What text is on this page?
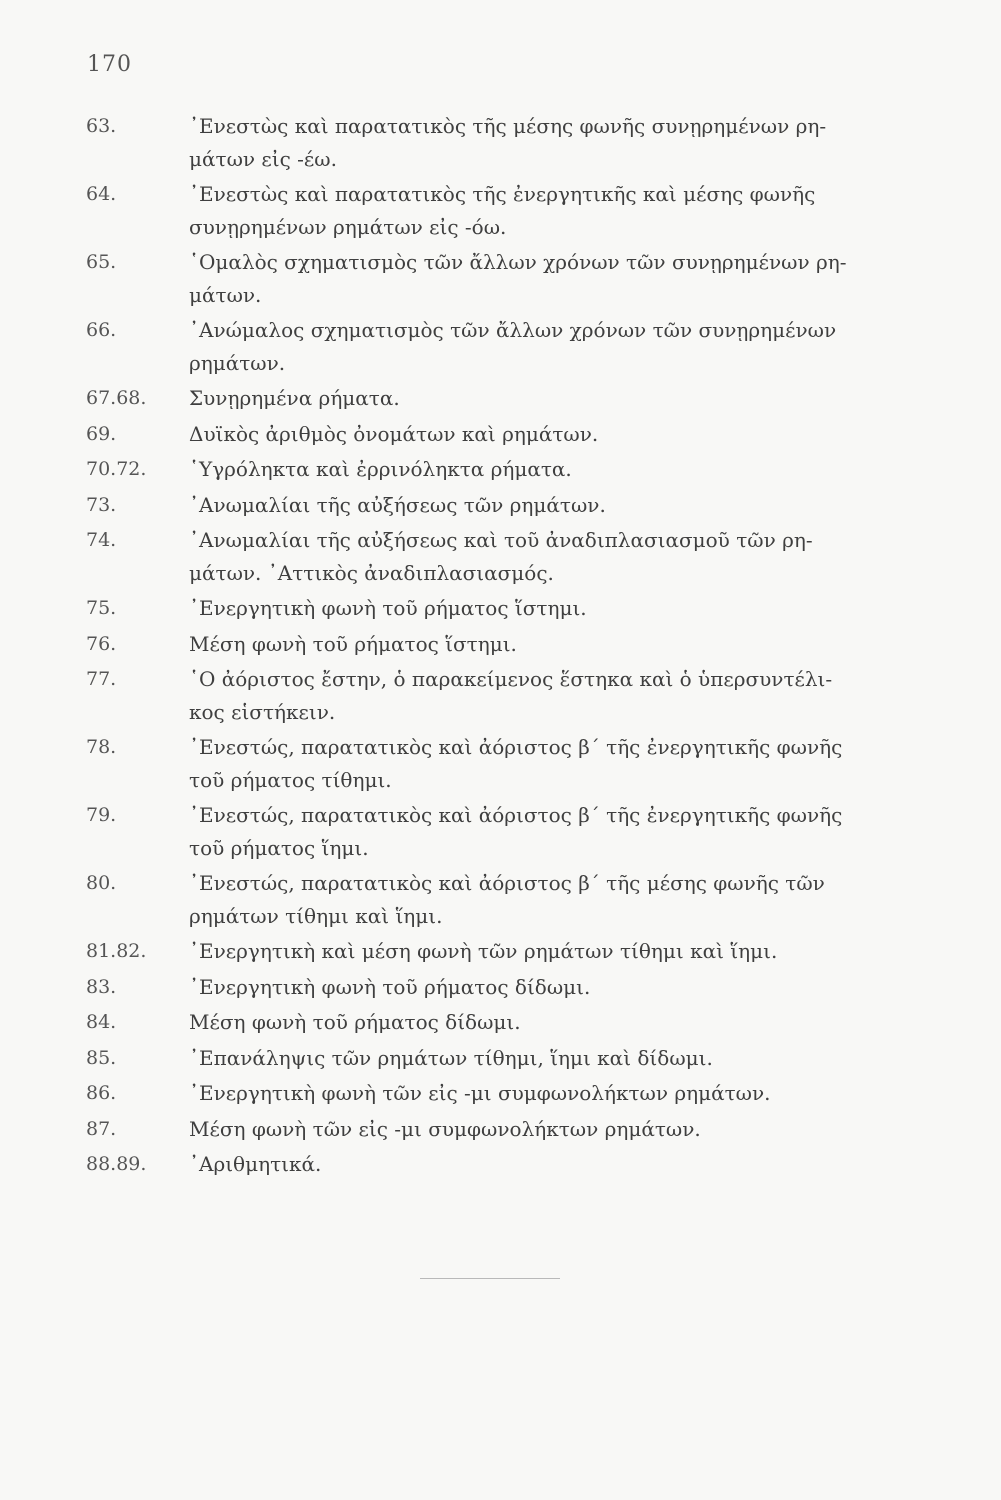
170
63.	᾿Ενεστὼς καὶ παρατατικὸς τῆς μέσης φωνῆς συνῃρημένων ρη-
μάτων εἰς -έω.
64.	᾿Ενεστὼς καὶ παρατατικὸς τῆς ἐνεργητικῆς καὶ μέσης φωνῆς
συνῃρημένων ρημάτων εἰς -όω.
65.	῾Ομαλὸς σχηματισμὸς τῶν ἄλλων χρόνων τῶν συνῃρημένων ρη-
μάτων.
66.	᾿Ανώμαλος σχηματισμὸς τῶν ἄλλων χρόνων τῶν συνῃρημένων
ρημάτων.
67.68.	Συνῃρημένα ρήματα.
69.	Δυϊκὸς ἀριθμὸς ὀνομάτων καὶ ρημάτων.
70.72.	῾Υγρόληκτα καὶ ἐρρινόληκτα ρήματα.
73.	᾿Ανωμαλίαι τῆς αὐξήσεως τῶν ρημάτων.
74.	᾿Ανωμαλίαι τῆς αὐξήσεως καὶ τοῦ ἀναδιπλασιασμοῦ τῶν ρη-
μάτων. ᾿Αττικὸς ἀναδιπλασιασμός.
75.	᾿Ενεργητικὴ φωνὴ τοῦ ρήματος ἵστημι.
76.	Μέση φωνὴ τοῦ ρήματος ἵστημι.
77.	῾Ο ἀόριστος ἔστην, ὁ παρακείμενος ἕστηκα καὶ ὁ ὑπερσυντέλι-
κος εἱστήκειν.
78.	᾿Ενεστώς, παρατατικὸς καὶ ἀόριστος β΄ τῆς ἐνεργητικῆς φωνῆς
τοῦ ρήματος τίθημι.
79.	᾿Ενεστώς, παρατατικὸς καὶ ἀόριστος β΄ τῆς ἐνεργητικῆς φωνῆς
τοῦ ρήματος ἵημι.
80.	᾿Ενεστώς, παρατατικὸς καὶ ἀόριστος β΄ τῆς μέσης φωνῆς τῶν
ρημάτων τίθημι καὶ ἵημι.
81.82.	᾿Ενεργητικὴ καὶ μέση φωνὴ τῶν ρημάτων τίθημι καὶ ἵημι.
83.	᾿Ενεργητικὴ φωνὴ τοῦ ρήματος δίδωμι.
84.	Μέση φωνὴ τοῦ ρήματος δίδωμι.
85.	᾿Επανάληψις τῶν ρημάτων τίθημι, ἵημι καὶ δίδωμι.
86.	᾿Ενεργητικὴ φωνὴ τῶν εἰς -μι συμφωνολήκτων ρημάτων.
87.	Μέση φωνὴ τῶν εἰς -μι συμφωνολήκτων ρημάτων.
88.89.	᾿Αριθμητικά.
